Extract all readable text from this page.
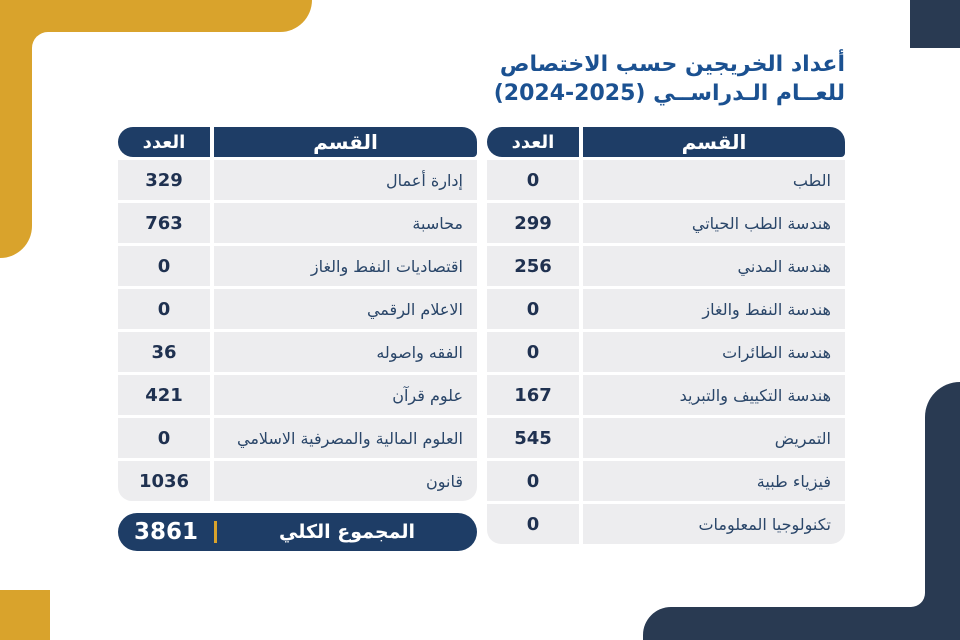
أعداد الخريجين حسب الاختصاص
للعــام الـدراســي (2025-2024)
العدد	القسم
0	الطب
299	هندسة الطب الحياتي
256	هندسة المدني
0	هندسة النفط والغاز
0	هندسة الطائرات
167	هندسة التكييف والتبريد
545	التمريض
0	فيزياء طبية
0	تكنولوجيا المعلومات
العدد	القسم
329	إدارة أعمال
763	محاسبة
0	اقتصاديات النفط والغاز
0	الاعلام الرقمي
36	الفقه واصوله
421	علوم قرآن
0	العلوم المالية والمصرفية الاسلامي
1036	قانون
3861	المجموع الكلي
